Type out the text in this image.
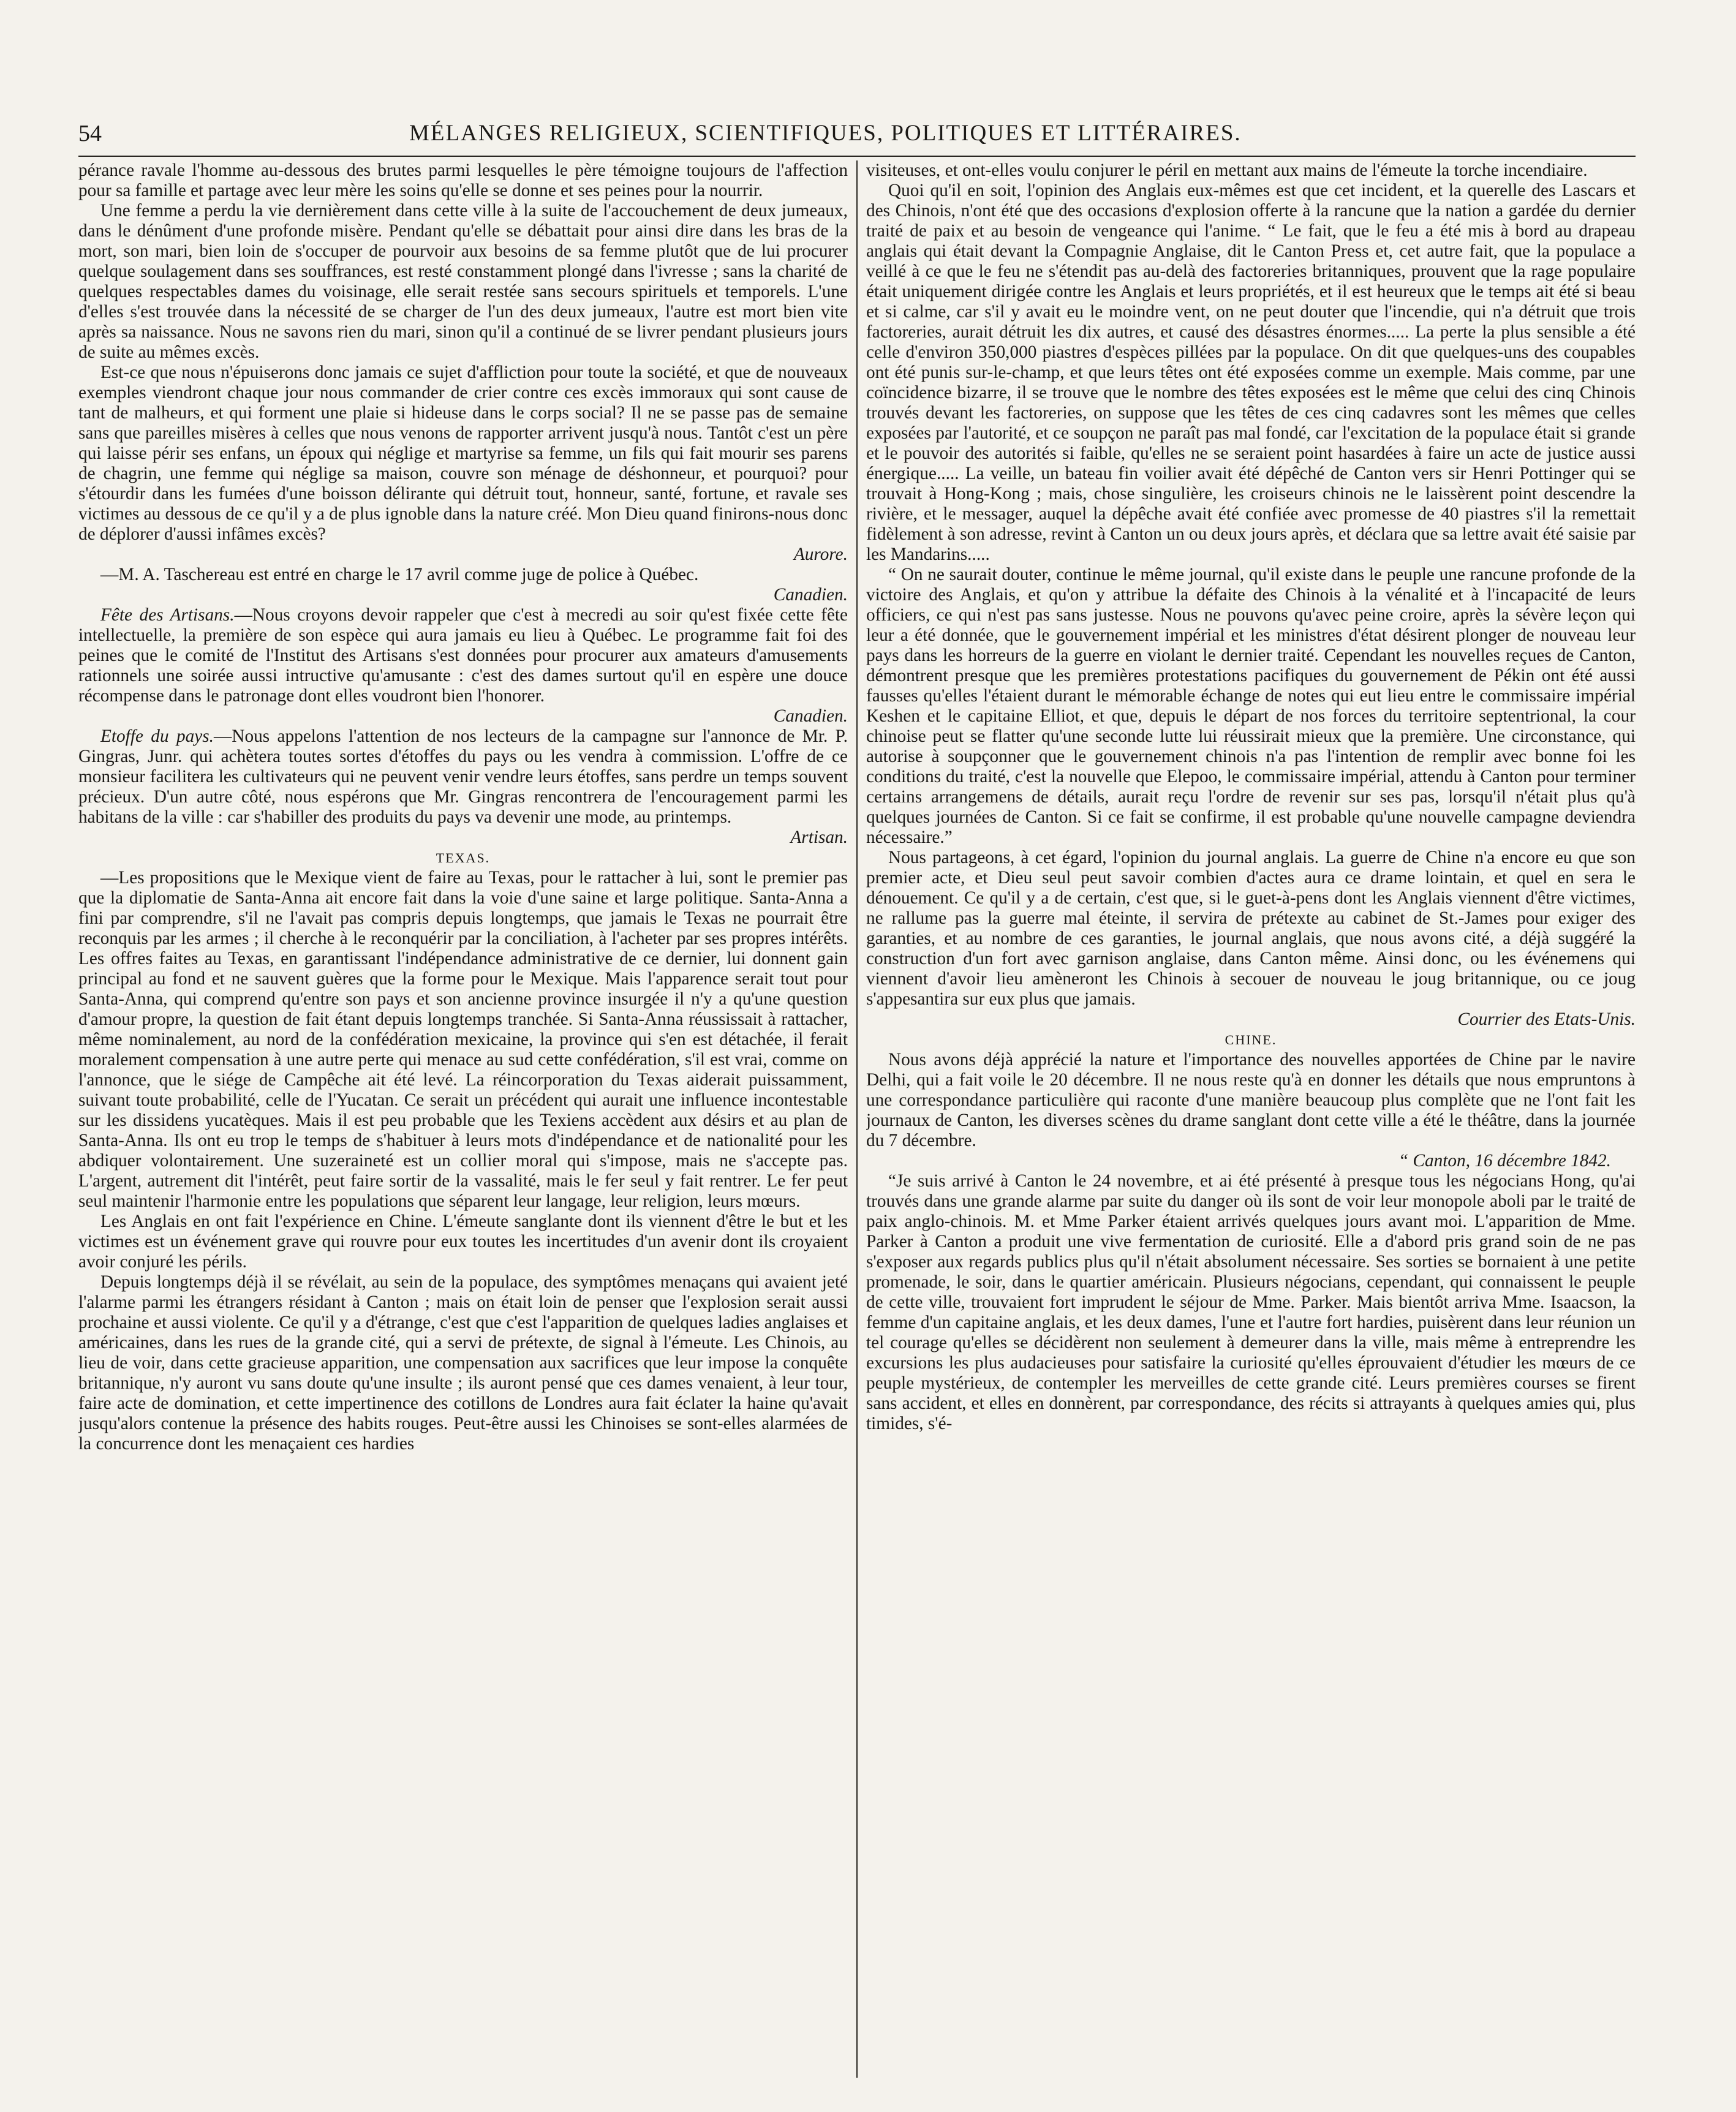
54	MÉLANGES RELIGIEUX, SCIENTIFIQUES, POLITIQUES ET LITTÉRAIRES.

pérance ravale l'homme au-dessous des brutes parmi lesquelles le père témoigne toujours de l'affection pour sa famille et partage avec leur mère les soins qu'elle se donne et ses peines pour la nourrir.

Une femme a perdu la vie dernièrement dans cette ville à la suite de l'accouchement de deux jumeaux, dans le dénûment d'une profonde misère. Pendant qu'elle se débattait pour ainsi dire dans les bras de la mort, son mari, bien loin de s'occuper de pourvoir aux besoins de sa femme plutôt que de lui procurer quelque soulagement dans ses souffrances, est resté constamment plongé dans l'ivresse ; sans la charité de quelques respectables dames du voisinage, elle serait restée sans secours spirituels et temporels. L'une d'elles s'est trouvée dans la nécessité de se charger de l'un des deux jumeaux, l'autre est mort bien vite après sa naissance. Nous ne savons rien du mari, sinon qu'il a continué de se livrer pendant plusieurs jours de suite au mêmes excès.

Est-ce que nous n'épuiserons donc jamais ce sujet d'affliction pour toute la société, et que de nouveaux exemples viendront chaque jour nous commander de crier contre ces excès immoraux qui sont cause de tant de malheurs, et qui forment une plaie si hideuse dans le corps social? Il ne se passe pas de semaine sans que pareilles misères à celles que nous venons de rapporter arrivent jusqu'à nous. Tantôt c'est un père qui laisse périr ses enfans, un époux qui néglige et martyrise sa femme, un fils qui fait mourir ses parens de chagrin, une femme qui néglige sa maison, couvre son ménage de déshonneur, et pourquoi? pour s'étourdir dans les fumées d'une boisson délirante qui détruit tout, honneur, santé, fortune, et ravale ses victimes au dessous de ce qu'il y a de plus ignoble dans la nature créé. Mon Dieu quand finirons-nous donc de déplorer d'aussi infâmes excès?

Aurore.

—M. A. Taschereau est entré en charge le 17 avril comme juge de police à Québec.

Canadien.

Fête des Artisans.—Nous croyons devoir rappeler que c'est à mecredi au soir qu'est fixée cette fête intellectuelle, la première de son espèce qui aura jamais eu lieu à Québec. Le programme fait foi des peines que le comité de l'Institut des Artisans s'est données pour procurer aux amateurs d'amusements rationnels une soirée aussi intructive qu'amusante : c'est des dames surtout qu'il en espère une douce récompense dans le patronage dont elles voudront bien l'honorer.

Canadien.

Etoffe du pays.—Nous appelons l'attention de nos lecteurs de la campagne sur l'annonce de Mr. P. Gingras, Junr. qui achètera toutes sortes d'étoffes du pays ou les vendra à commission. L'offre de ce monsieur facilitera les cultivateurs qui ne peuvent venir vendre leurs étoffes, sans perdre un temps souvent précieux. D'un autre côté, nous espérons que Mr. Gingras rencontrera de l'encouragement parmi les habitans de la ville : car s'habiller des produits du pays va devenir une mode, au printemps.

Artisan.

TEXAS.

—Les propositions que le Mexique vient de faire au Texas, pour le rattacher à lui, sont le premier pas que la diplomatie de Santa-Anna ait encore fait dans la voie d'une saine et large politique. Santa-Anna a fini par comprendre, s'il ne l'avait pas compris depuis longtemps, que jamais le Texas ne pourrait être reconquis par les armes ; il cherche à le reconquérir par la conciliation, à l'acheter par ses propres intérêts. Les offres faites au Texas, en garantissant l'indépendance administrative de ce dernier, lui donnent gain principal au fond et ne sauvent guères que la forme pour le Mexique. Mais l'apparence serait tout pour Santa-Anna, qui comprend qu'entre son pays et son ancienne province insurgée il n'y a qu'une question d'amour propre, la question de fait étant depuis longtemps tranchée. Si Santa-Anna réussissait à rattacher, même nominalement, au nord de la confédération mexicaine, la province qui s'en est détachée, il ferait moralement compensation à une autre perte qui menace au sud cette confédération, s'il est vrai, comme on l'annonce, que le siége de Campêche ait été levé. La réincorporation du Texas aiderait puissamment, suivant toute probabilité, celle de l'Yucatan. Ce serait un précédent qui aurait une influence incontestable sur les dissidens yucatèques. Mais il est peu probable que les Texiens accèdent aux désirs et au plan de Santa-Anna. Ils ont eu trop le temps de s'habituer à leurs mots d'indépendance et de nationalité pour les abdiquer volontairement. Une suzeraineté est un collier moral qui s'impose, mais ne s'accepte pas. L'argent, autrement dit l'intérêt, peut faire sortir de la vassalité, mais le fer seul y fait rentrer. Le fer peut seul maintenir l'harmonie entre les populations que séparent leur langage, leur religion, leurs mœurs.

Les Anglais en ont fait l'expérience en Chine. L'émeute sanglante dont ils viennent d'être le but et les victimes est un événement grave qui rouvre pour eux toutes les incertitudes d'un avenir dont ils croyaient avoir conjuré les périls.

Depuis longtemps déjà il se révélait, au sein de la populace, des symptômes menaçans qui avaient jeté l'alarme parmi les étrangers résidant à Canton ; mais on était loin de penser que l'explosion serait aussi prochaine et aussi violente. Ce qu'il y a d'étrange, c'est que c'est l'apparition de quelques ladies anglaises et américaines, dans les rues de la grande cité, qui a servi de prétexte, de signal à l'émeute. Les Chinois, au lieu de voir, dans cette gracieuse apparition, une compensation aux sacrifices que leur impose la conquête britannique, n'y auront vu sans doute qu'une insulte ; ils auront pensé que ces dames venaient, à leur tour, faire acte de domination, et cette impertinence des cotillons de Londres aura fait éclater la haine qu'avait jusqu'alors contenue la présence des habits rouges. Peut-être aussi les Chinoises se sont-elles alarmées de la concurrence dont les menaçaient ces hardies

visiteuses, et ont-elles voulu conjurer le péril en mettant aux mains de l'émeute la torche incendiaire.

Quoi qu'il en soit, l'opinion des Anglais eux-mêmes est que cet incident, et la querelle des Lascars et des Chinois, n'ont été que des occasions d'explosion offerte à la rancune que la nation a gardée du dernier traité de paix et au besoin de vengeance qui l'anime. “ Le fait, que le feu a été mis à bord au drapeau anglais qui était devant la Compagnie Anglaise, dit le Canton Press et, cet autre fait, que la populace a veillé à ce que le feu ne s'étendit pas au-delà des factoreries britanniques, prouvent que la rage populaire était uniquement dirigée contre les Anglais et leurs propriétés, et il est heureux que le temps ait été si beau et si calme, car s'il y avait eu le moindre vent, on ne peut douter que l'incendie, qui n'a détruit que trois factoreries, aurait détruit les dix autres, et causé des désastres énormes..... La perte la plus sensible a été celle d'environ 350,000 piastres d'espèces pillées par la populace. On dit que quelques-uns des coupables ont été punis sur-le-champ, et que leurs têtes ont été exposées comme un exemple. Mais comme, par une coïncidence bizarre, il se trouve que le nombre des têtes exposées est le même que celui des cinq Chinois trouvés devant les factoreries, on suppose que les têtes de ces cinq cadavres sont les mêmes que celles exposées par l'autorité, et ce soupçon ne paraît pas mal fondé, car l'excitation de la populace était si grande et le pouvoir des autorités si faible, qu'elles ne se seraient point hasardées à faire un acte de justice aussi énergique..... La veille, un bateau fin voilier avait été dépêché de Canton vers sir Henri Pottinger qui se trouvait à Hong-Kong ; mais, chose singulière, les croiseurs chinois ne le laissèrent point descendre la rivière, et le messager, auquel la dépêche avait été confiée avec promesse de 40 piastres s'il la remettait fidèlement à son adresse, revint à Canton un ou deux jours après, et déclara que sa lettre avait été saisie par les Mandarins.....

“ On ne saurait douter, continue le même journal, qu'il existe dans le peuple une rancune profonde de la victoire des Anglais, et qu'on y attribue la défaite des Chinois à la vénalité et à l'incapacité de leurs officiers, ce qui n'est pas sans justesse. Nous ne pouvons qu'avec peine croire, après la sévère leçon qui leur a été donnée, que le gouvernement impérial et les ministres d'état désirent plonger de nouveau leur pays dans les horreurs de la guerre en violant le dernier traité. Cependant les nouvelles reçues de Canton, démontrent presque que les premières protestations pacifiques du gouvernement de Pékin ont été aussi fausses qu'elles l'étaient durant le mémorable échange de notes qui eut lieu entre le commissaire impérial Keshen et le capitaine Elliot, et que, depuis le départ de nos forces du territoire septentrional, la cour chinoise peut se flatter qu'une seconde lutte lui réussirait mieux que la première. Une circonstance, qui autorise à soupçonner que le gouvernement chinois n'a pas l'intention de remplir avec bonne foi les conditions du traité, c'est la nouvelle que Elepoo, le commissaire impérial, attendu à Canton pour terminer certains arrangemens de détails, aurait reçu l'ordre de revenir sur ses pas, lorsqu'il n'était plus qu'à quelques journées de Canton. Si ce fait se confirme, il est probable qu'une nouvelle campagne deviendra nécessaire.”

Nous partageons, à cet égard, l'opinion du journal anglais. La guerre de Chine n'a encore eu que son premier acte, et Dieu seul peut savoir combien d'actes aura ce drame lointain, et quel en sera le dénouement. Ce qu'il y a de certain, c'est que, si le guet-à-pens dont les Anglais viennent d'être victimes, ne rallume pas la guerre mal éteinte, il servira de prétexte au cabinet de St.-James pour exiger des garanties, et au nombre de ces garanties, le journal anglais, que nous avons cité, a déjà suggéré la construction d'un fort avec garnison anglaise, dans Canton même. Ainsi donc, ou les événemens qui viennent d'avoir lieu amèneront les Chinois à secouer de nouveau le joug britannique, ou ce joug s'appesantira sur eux plus que jamais.

Courrier des Etats-Unis.

CHINE.

Nous avons déjà apprécié la nature et l'importance des nouvelles apportées de Chine par le navire Delhi, qui a fait voile le 20 décembre. Il ne nous reste qu'à en donner les détails que nous empruntons à une correspondance particulière qui raconte d'une manière beaucoup plus complète que ne l'ont fait les journaux de Canton, les diverses scènes du drame sanglant dont cette ville a été le théâtre, dans la journée du 7 décembre.

“ Canton, 16 décembre 1842.

“Je suis arrivé à Canton le 24 novembre, et ai été présenté à presque tous les négocians Hong, qu'ai trouvés dans une grande alarme par suite du danger où ils sont de voir leur monopole aboli par le traité de paix anglo-chinois. M. et Mme Parker étaient arrivés quelques jours avant moi. L'apparition de Mme. Parker à Canton a produit une vive fermentation de curiosité. Elle a d'abord pris grand soin de ne pas s'exposer aux regards publics plus qu'il n'était absolument nécessaire. Ses sorties se bornaient à une petite promenade, le soir, dans le quartier américain. Plusieurs négocians, cependant, qui connaissent le peuple de cette ville, trouvaient fort imprudent le séjour de Mme. Parker. Mais bientôt arriva Mme. Isaacson, la femme d'un capitaine anglais, et les deux dames, l'une et l'autre fort hardies, puisèrent dans leur réunion un tel courage qu'elles se décidèrent non seulement à demeurer dans la ville, mais même à entreprendre les excursions les plus audacieuses pour satisfaire la curiosité qu'elles éprouvaient d'étudier les mœurs de ce peuple mystérieux, de contempler les merveilles de cette grande cité. Leurs premières courses se firent sans accident, et elles en donnèrent, par correspondance, des récits si attrayants à quelques amies qui, plus timides, s'é-
